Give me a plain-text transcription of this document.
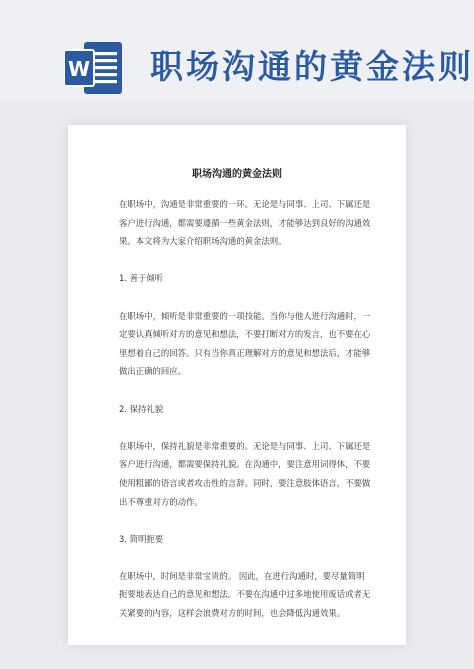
W 职场沟通的黄金法则
职场沟通的黄金法则

在职场中，沟通是非常重要的一环。无论是与同事、上司、下属还是客户进行沟通，都需要遵循一些黄金法则，才能够达到良好的沟通效果。本文将为大家介绍职场沟通的黄金法则。

1. 善于倾听

在职场中，倾听是非常重要的一项技能。当你与他人进行沟通时，一定要认真倾听对方的意见和想法，不要打断对方的发言，也不要在心里想着自己的回答。只有当你真正理解对方的意见和想法后，才能够做出正确的回应。

2. 保持礼貌

在职场中，保持礼貌是非常重要的。无论是与同事、上司、下属还是客户进行沟通，都需要保持礼貌。在沟通中，要注意用词得体，不要使用粗鄙的语言或者攻击性的言辞。同时，要注意肢体语言，不要做出不尊重对方的动作。

3. 简明扼要

在职场中，时间是非常宝贵的。 因此，在进行沟通时，要尽量简明扼要地表达自己的意见和想法。不要在沟通中过多地使用废话或者无关紧要的内容，这样会浪费对方的时间，也会降低沟通效果。
